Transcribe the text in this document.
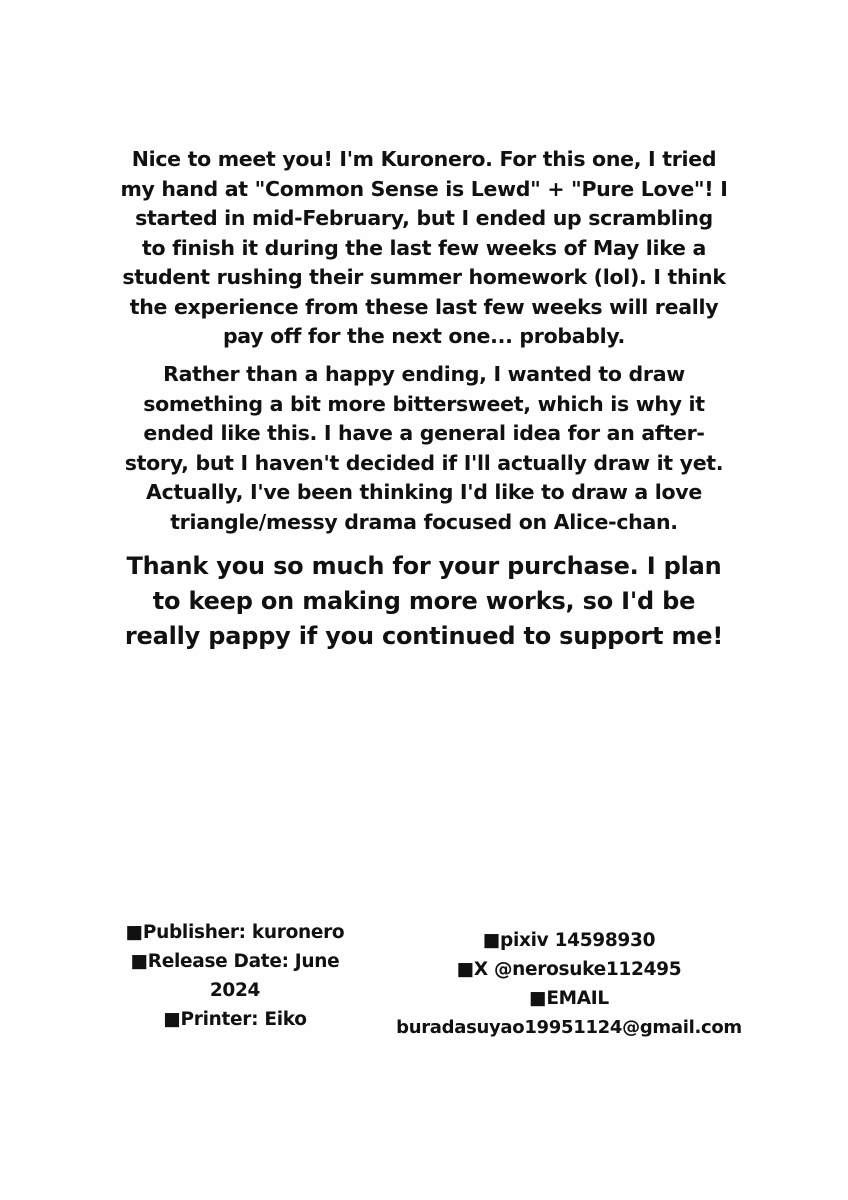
Nice to meet you! I'm Kuronero. For this one, I tried
my hand at "Common Sense is Lewd" + "Pure Love"! I
started in mid-February, but I ended up scrambling
to finish it during the last few weeks of May like a
student rushing their summer homework (lol). I think
the experience from these last few weeks will really
pay off for the next one... probably.
Rather than a happy ending, I wanted to draw
something a bit more bittersweet, which is why it
ended like this. I have a general idea for an after-
story, but I haven't decided if I'll actually draw it yet.
Actually, I've been thinking I'd like to draw a love
triangle/messy drama focused on Alice-chan.
Thank you so much for your purchase. I plan
to keep on making more works, so I'd be
really pappy if you continued to support me!
■Publisher: kuronero
■Release Date: June
2024
■Printer: Eiko
■pixiv 14598930
■X @nerosuke112495
■EMAIL
buradasuyao19951124@gmail.com
